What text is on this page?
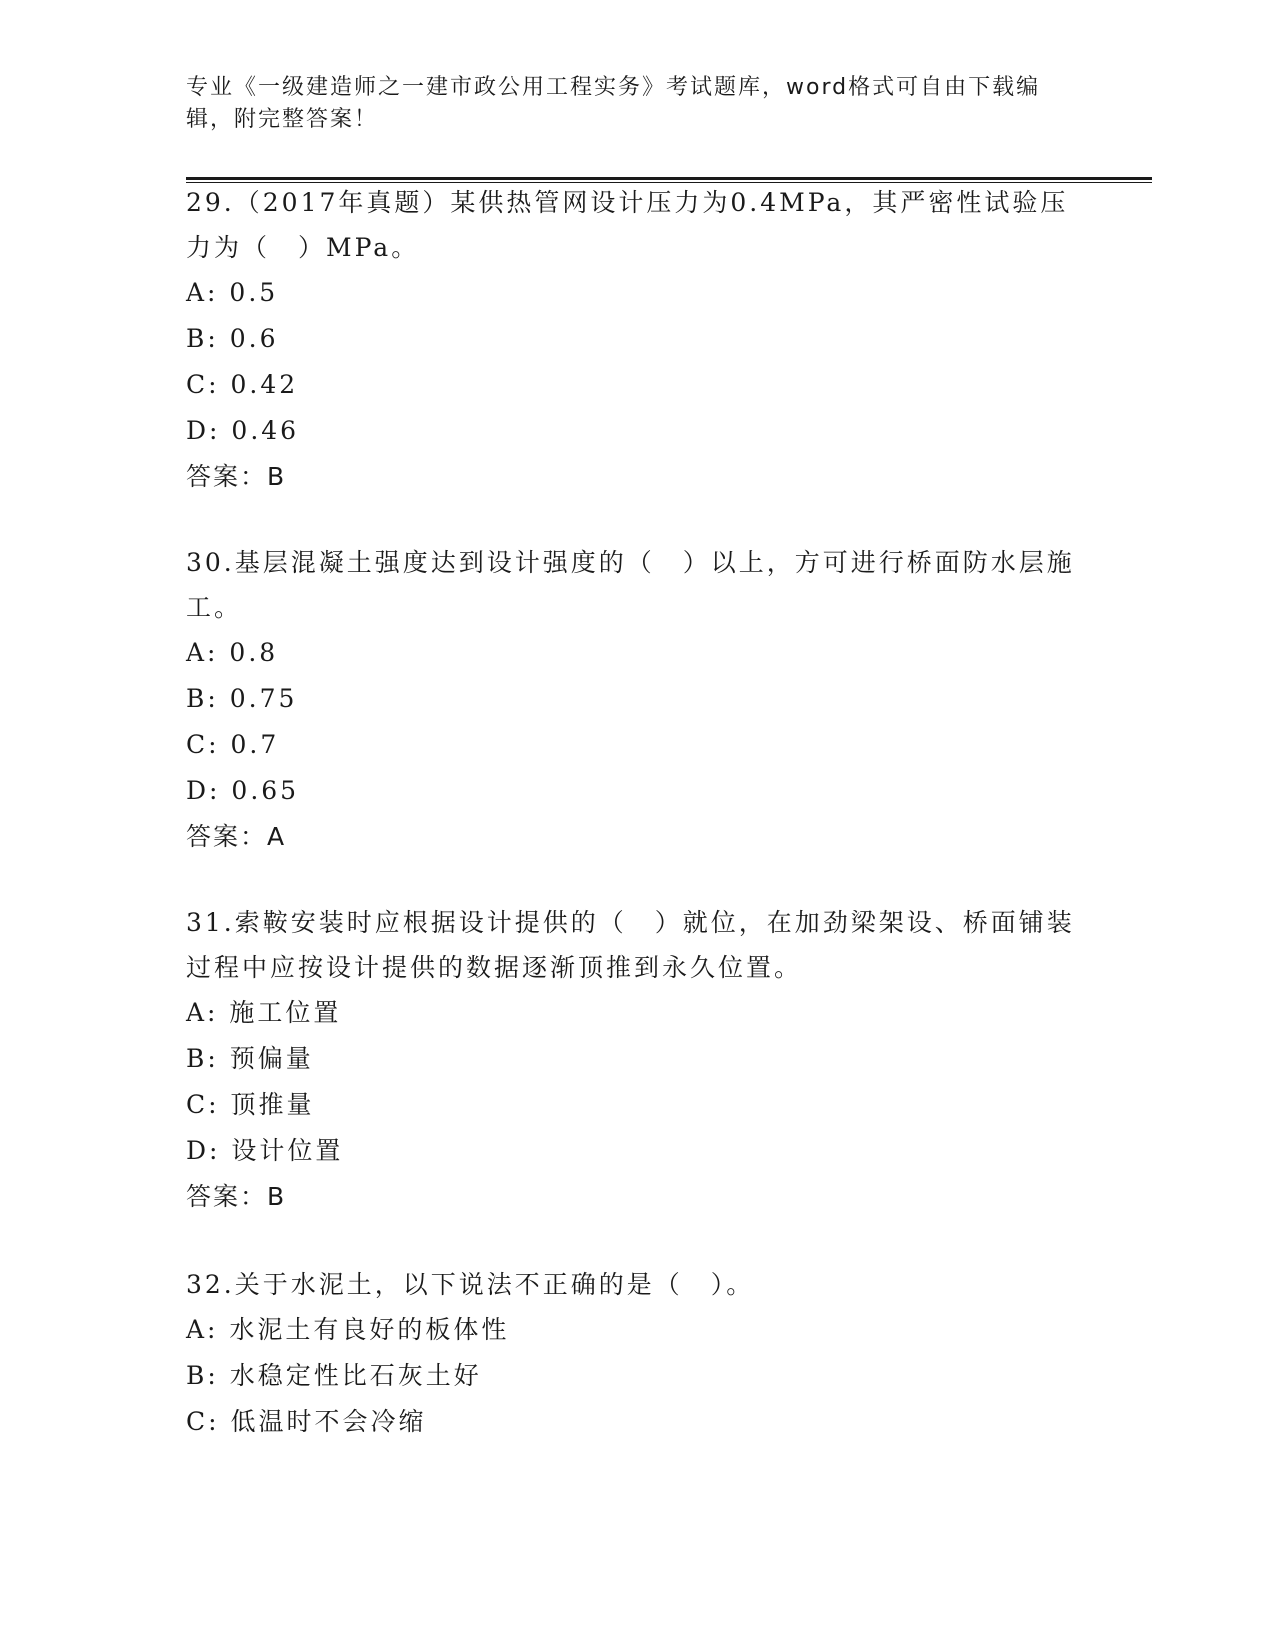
专业《一级建造师之一建市政公用工程实务》考试题库，word格式可自由下载编辑，附完整答案！
29.（2017年真题）某供热管网设计压力为0.4MPa，其严密性试验压力为（　）MPa。
A: 0.5
B: 0.6
C: 0.42
D: 0.46
答案：B
30.基层混凝土强度达到设计强度的（　）以上，方可进行桥面防水层施工。
A: 0.8
B: 0.75
C: 0.7
D: 0.65
答案：A
31.索鞍安装时应根据设计提供的（　）就位，在加劲梁架设、桥面铺装过程中应按设计提供的数据逐渐顶推到永久位置。
A: 施工位置
B: 预偏量
C: 顶推量
D: 设计位置
答案：B
32.关于水泥土，以下说法不正确的是（　）。
A: 水泥土有良好的板体性
B: 水稳定性比石灰土好
C: 低温时不会冷缩
